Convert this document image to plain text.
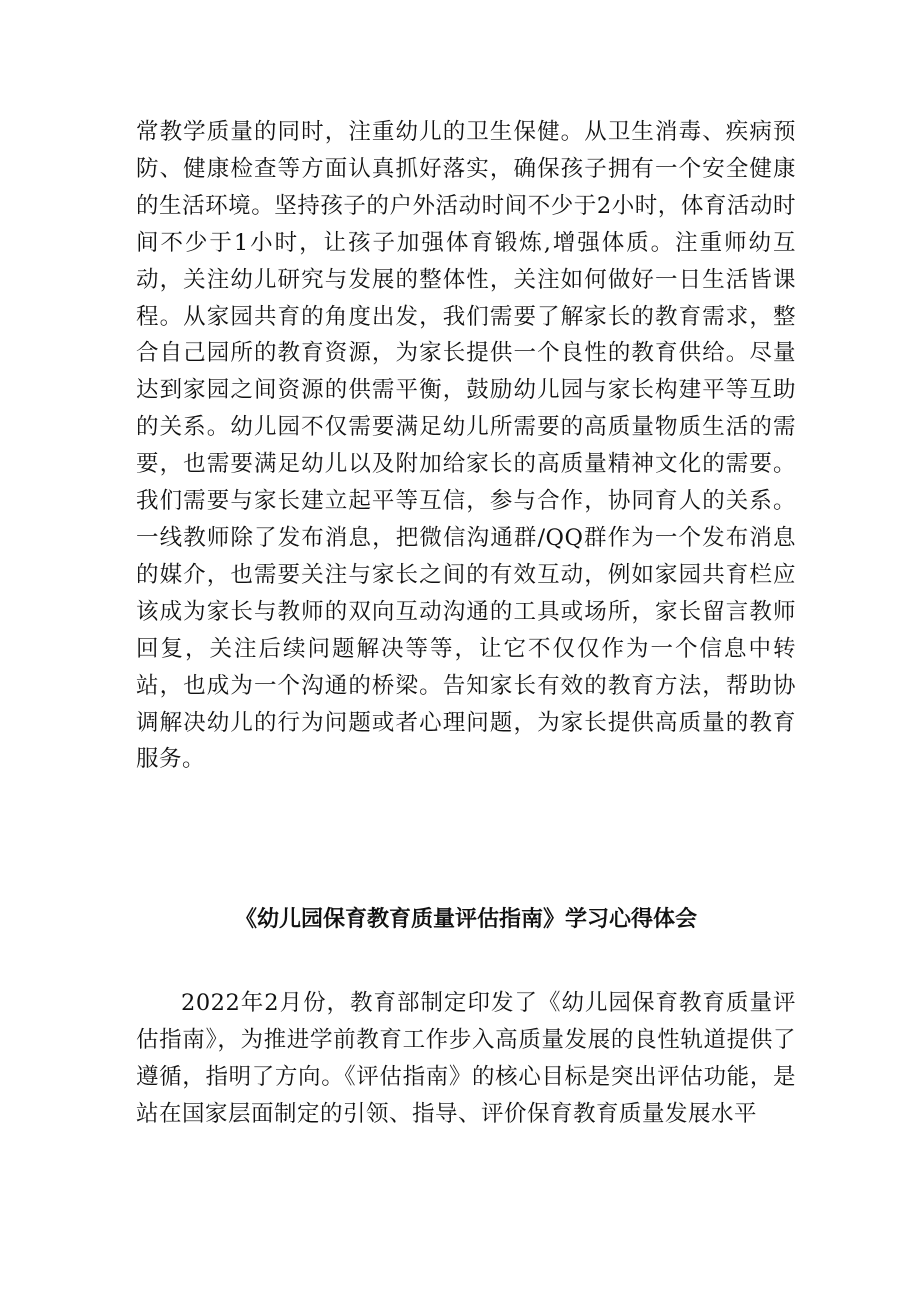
常教学质量的同时，注重幼儿的卫生保健。从卫生消毒、疾病预防、健康检查等方面认真抓好落实，确保孩子拥有一个安全健康的生活环境。坚持孩子的户外活动时间不少于2小时，体育活动时间不少于1小时，让孩子加强体育锻炼,增强体质。注重师幼互动，关注幼儿研究与发展的整体性，关注如何做好一日生活皆课程。从家园共育的角度出发，我们需要了解家长的教育需求，整合自己园所的教育资源，为家长提供一个良性的教育供给。尽量达到家园之间资源的供需平衡，鼓励幼儿园与家长构建平等互助的关系。幼儿园不仅需要满足幼儿所需要的高质量物质生活的需要，也需要满足幼儿以及附加给家长的高质量精神文化的需要。我们需要与家长建立起平等互信，参与合作，协同育人的关系。一线教师除了发布消息，把微信沟通群/QQ群作为一个发布消息的媒介，也需要关注与家长之间的有效互动，例如家园共育栏应该成为家长与教师的双向互动沟通的工具或场所，家长留言教师回复，关注后续问题解决等等，让它不仅仅作为一个信息中转站，也成为一个沟通的桥梁。告知家长有效的教育方法，帮助协调解决幼儿的行为问题或者心理问题，为家长提供高质量的教育服务。

《幼儿园保育教育质量评估指南》学习心得体会

2022年2月份，教育部制定印发了《幼儿园保育教育质量评估指南》，为推进学前教育工作步入高质量发展的良性轨道提供了遵循，指明了方向。《评估指南》的核心目标是突出评估功能，是站在国家层面制定的引领、指导、评价保育教育质量发展水平
